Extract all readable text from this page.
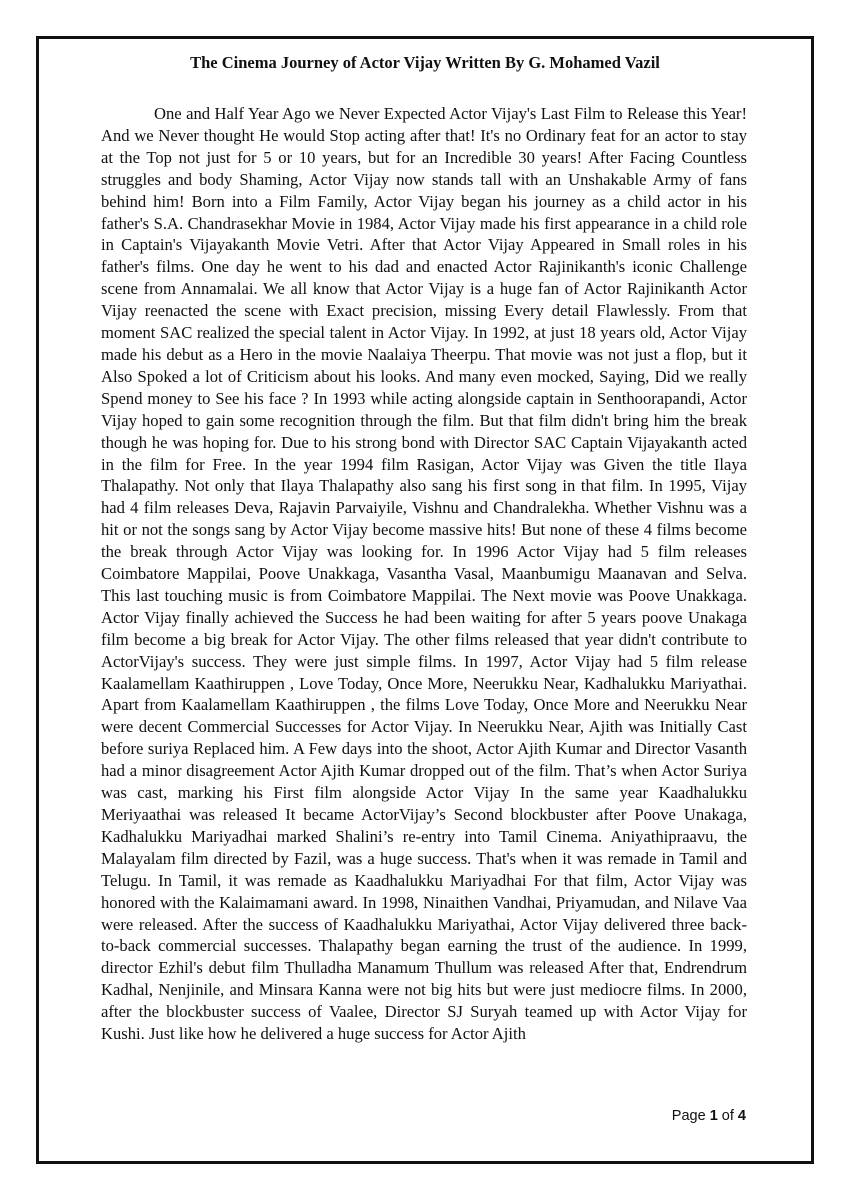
The Cinema Journey of Actor Vijay Written By G. Mohamed Vazil

One and Half Year Ago we Never Expected Actor Vijay's Last Film to Release this Year! And we Never thought He would Stop acting after that! It's no Ordinary feat for an actor to stay at the Top not just for 5 or 10 years, but for an Incredible 30 years! After Facing Countless struggles and body Shaming, Actor Vijay now stands tall with an Unshakable Army of fans behind him! Born into a Film Family, Actor Vijay began his journey as a child actor in his father's S.A. Chandrasekhar Movie in 1984, Actor Vijay made his first appearance in a child role in Captain's Vijayakanth Movie Vetri. After that Actor Vijay Appeared in Small roles in his father's films. One day he went to his dad and enacted Actor Rajinikanth's iconic Challenge scene from Annamalai. We all know that Actor Vijay is a huge fan of Actor Rajinikanth Actor Vijay reenacted the scene with Exact precision, missing Every detail Flawlessly. From that moment SAC realized the special talent in Actor Vijay. In 1992, at just 18 years old, Actor Vijay made his debut as a Hero in the movie Naalaiya Theerpu. That movie was not just a flop, but it Also Spoked a lot of Criticism about his looks. And many even mocked, Saying, Did we really Spend money to See his face ? In 1993 while acting alongside captain in Senthoorapandi, Actor Vijay hoped to gain some recognition through the film. But that film didn't bring him the break though he was hoping for. Due to his strong bond with Director SAC Captain Vijayakanth acted in the film for Free. In the year 1994 film Rasigan, Actor Vijay was Given the title Ilaya Thalapathy. Not only that Ilaya Thalapathy also sang his first song in that film. In 1995, Vijay had 4 film releases Deva, Rajavin Parvaiyile, Vishnu and Chandralekha. Whether Vishnu was a hit or not the songs sang by Actor Vijay become massive hits! But none of these 4 films become the break through Actor Vijay was looking for. In 1996 Actor Vijay had 5 film releases Coimbatore Mappilai, Poove Unakkaga, Vasantha Vasal, Maanbumigu Maanavan and Selva. This last touching music is from Coimbatore Mappilai. The Next movie was Poove Unakkaga. Actor Vijay finally achieved the Success he had been waiting for after 5 years poove Unakaga film become a big break for Actor Vijay. The other films released that year didn't contribute to ActorVijay's success. They were just simple films. In 1997, Actor Vijay had 5 film release Kaalamellam Kaathiruppen , Love Today, Once More, Neerukku Near, Kadhalukku Mariyathai. Apart from Kaalamellam Kaathiruppen , the films Love Today, Once More and Neerukku Near were decent Commercial Successes for Actor Vijay. In Neerukku Near, Ajith was Initially Cast before suriya Replaced him. A Few days into the shoot, Actor Ajith Kumar and Director Vasanth had a minor disagreement Actor Ajith Kumar dropped out of the film. That’s when Actor Suriya was cast, marking his First film alongside Actor Vijay In the same year Kaadhalukku Meriyaathai was released It became ActorVijay’s Second blockbuster after Poove Unakaga, Kadhalukku Mariyadhai marked Shalini’s re-entry into Tamil Cinema. Aniyathipraavu, the Malayalam film directed by Fazil, was a huge success. That's when it was remade in Tamil and Telugu. In Tamil, it was remade as Kaadhalukku Mariyadhai For that film, Actor Vijay was honored with the Kalaimamani award. In 1998, Ninaithen Vandhai, Priyamudan, and Nilave Vaa were released. After the success of Kaadhalukku Mariyathai, Actor Vijay delivered three back-to-back commercial successes. Thalapathy began earning the trust of the audience. In 1999, director Ezhil's debut film Thulladha Manamum Thullum was released After that, Endrendrum Kadhal, Nenjinile, and Minsara Kanna were not big hits but were just mediocre films. In 2000, after the blockbuster success of Vaalee, Director SJ Suryah teamed up with Actor Vijay for Kushi. Just like how he delivered a huge success for Actor Ajith

Page 1 of 4
